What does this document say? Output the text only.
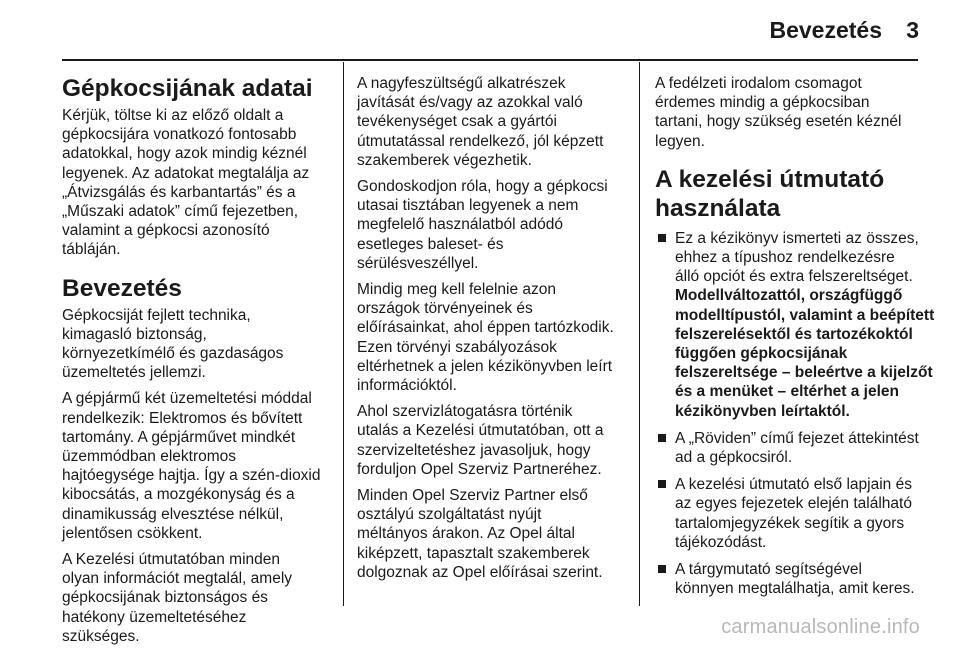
Bevezetés 3
Gépkocsijának adatai

Kérjük, töltse ki az előző oldalt a
gépkocsijára vonatkozó fontosabb
adatokkal, hogy azok mindig kéznél
legyenek. Az adatokat megtalálja az
„Átvizsgálás és karbantartás” és a
„Műszaki adatok” című fejezetben,
valamint a gépkocsi azonosító
tábláján.

Bevezetés

Gépkocsiját fejlett technika,
kimagasló biztonság,
környezetkímélő és gazdaságos
üzemeltetés jellemzi.

A gépjármű két üzemeltetési móddal
rendelkezik: Elektromos és bővített
tartomány. A gépjárművet mindkét
üzemmódban elektromos
hajtóegysége hajtja. Így a szén-dioxid
kibocsátás, a mozgékonyság és a
dinamikusság elvesztése nélkül,
jelentősen csökkent.

A Kezelési útmutatóban minden
olyan információt megtalál, amely
gépkocsijának biztonságos és
hatékony üzemeltetéséhez
szükséges.

A nagyfeszültségű alkatrészek
javítását és/vagy az azokkal való
tevékenységet csak a gyártói
útmutatással rendelkező, jól képzett
szakemberek végezhetik.

Gondoskodjon róla, hogy a gépkocsi
utasai tisztában legyenek a nem
megfelelő használatból adódó
esetleges baleset- és
sérülésveszéllyel.

Mindig meg kell felelnie azon
országok törvényeinek és
előírásainkat, ahol éppen tartózkodik.
Ezen törvényi szabályozások
eltérhetnek a jelen kézikönyvben leírt
információktól.

Ahol szervizlátogatásra történik
utalás a Kezelési útmutatóban, ott a
szervizeltetéshez javasoljuk, hogy
forduljon Opel Szerviz Partneréhez.

Minden Opel Szerviz Partner első
osztályú szolgáltatást nyújt
méltányos árakon. Az Opel által
kiképzett, tapasztalt szakemberek
dolgoznak az Opel előírásai szerint.

A fedélzeti irodalom csomagot
érdemes mindig a gépkocsiban
tartani, hogy szükség esetén kéznél
legyen.

A kezelési útmutató
használata
Ez a kézikönyv ismerteti az összes,
ehhez a típushoz rendelkezésre
álló opciót és extra felszereltséget.
Modellváltozattól, országfüggő
modelltípustól, valamint a beépített
felszerelésektől és tartozékoktól
függően gépkocsijának
felszereltsége – beleértve a kijelzőt
és a menüket – eltérhet a jelen
kézikönyvben leírtaktól.
A „Röviden” című fejezet áttekintést
ad a gépkocsiról.
A kezelési útmutató első lapjain és
az egyes fejezetek elején található
tartalomjegyzékek segítik a gyors
tájékozódást.
A tárgymutató segítségével
könnyen megtalálhatja, amit keres.
carmanualsonline.info
